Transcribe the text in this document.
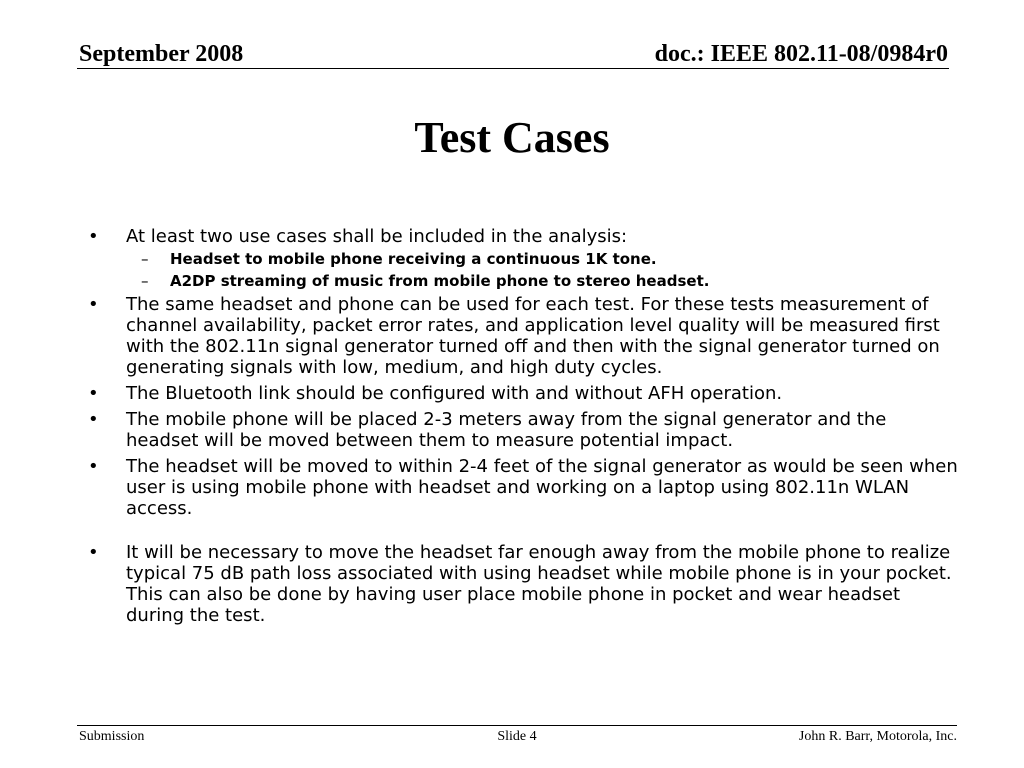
September 2008	doc.: IEEE 802.11-08/0984r0
Test Cases
• At least two use cases shall be included in the analysis:
– Headset to mobile phone receiving a continuous 1K tone.
– A2DP streaming of music from mobile phone to stereo headset.
• The same headset and phone can be used for each test. For these tests measurement of channel availability, packet error rates, and application level quality will be measured first with the 802.11n signal generator turned off and then with the signal generator turned on generating signals with low, medium, and high duty cycles.
• The Bluetooth link should be configured with and without AFH operation.
• The mobile phone will be placed 2-3 meters away from the signal generator and the headset will be moved between them to measure potential impact.
• The headset will be moved to within 2-4 feet of the signal generator as would be seen when user is using mobile phone with headset and working on a laptop using 802.11n WLAN access.
• It will be necessary to move the headset far enough away from the mobile phone to realize typical 75 dB path loss associated with using headset while mobile phone is in your pocket. This can also be done by having user place mobile phone in pocket and wear headset during the test.
Submission	Slide 4	John R. Barr, Motorola, Inc.
